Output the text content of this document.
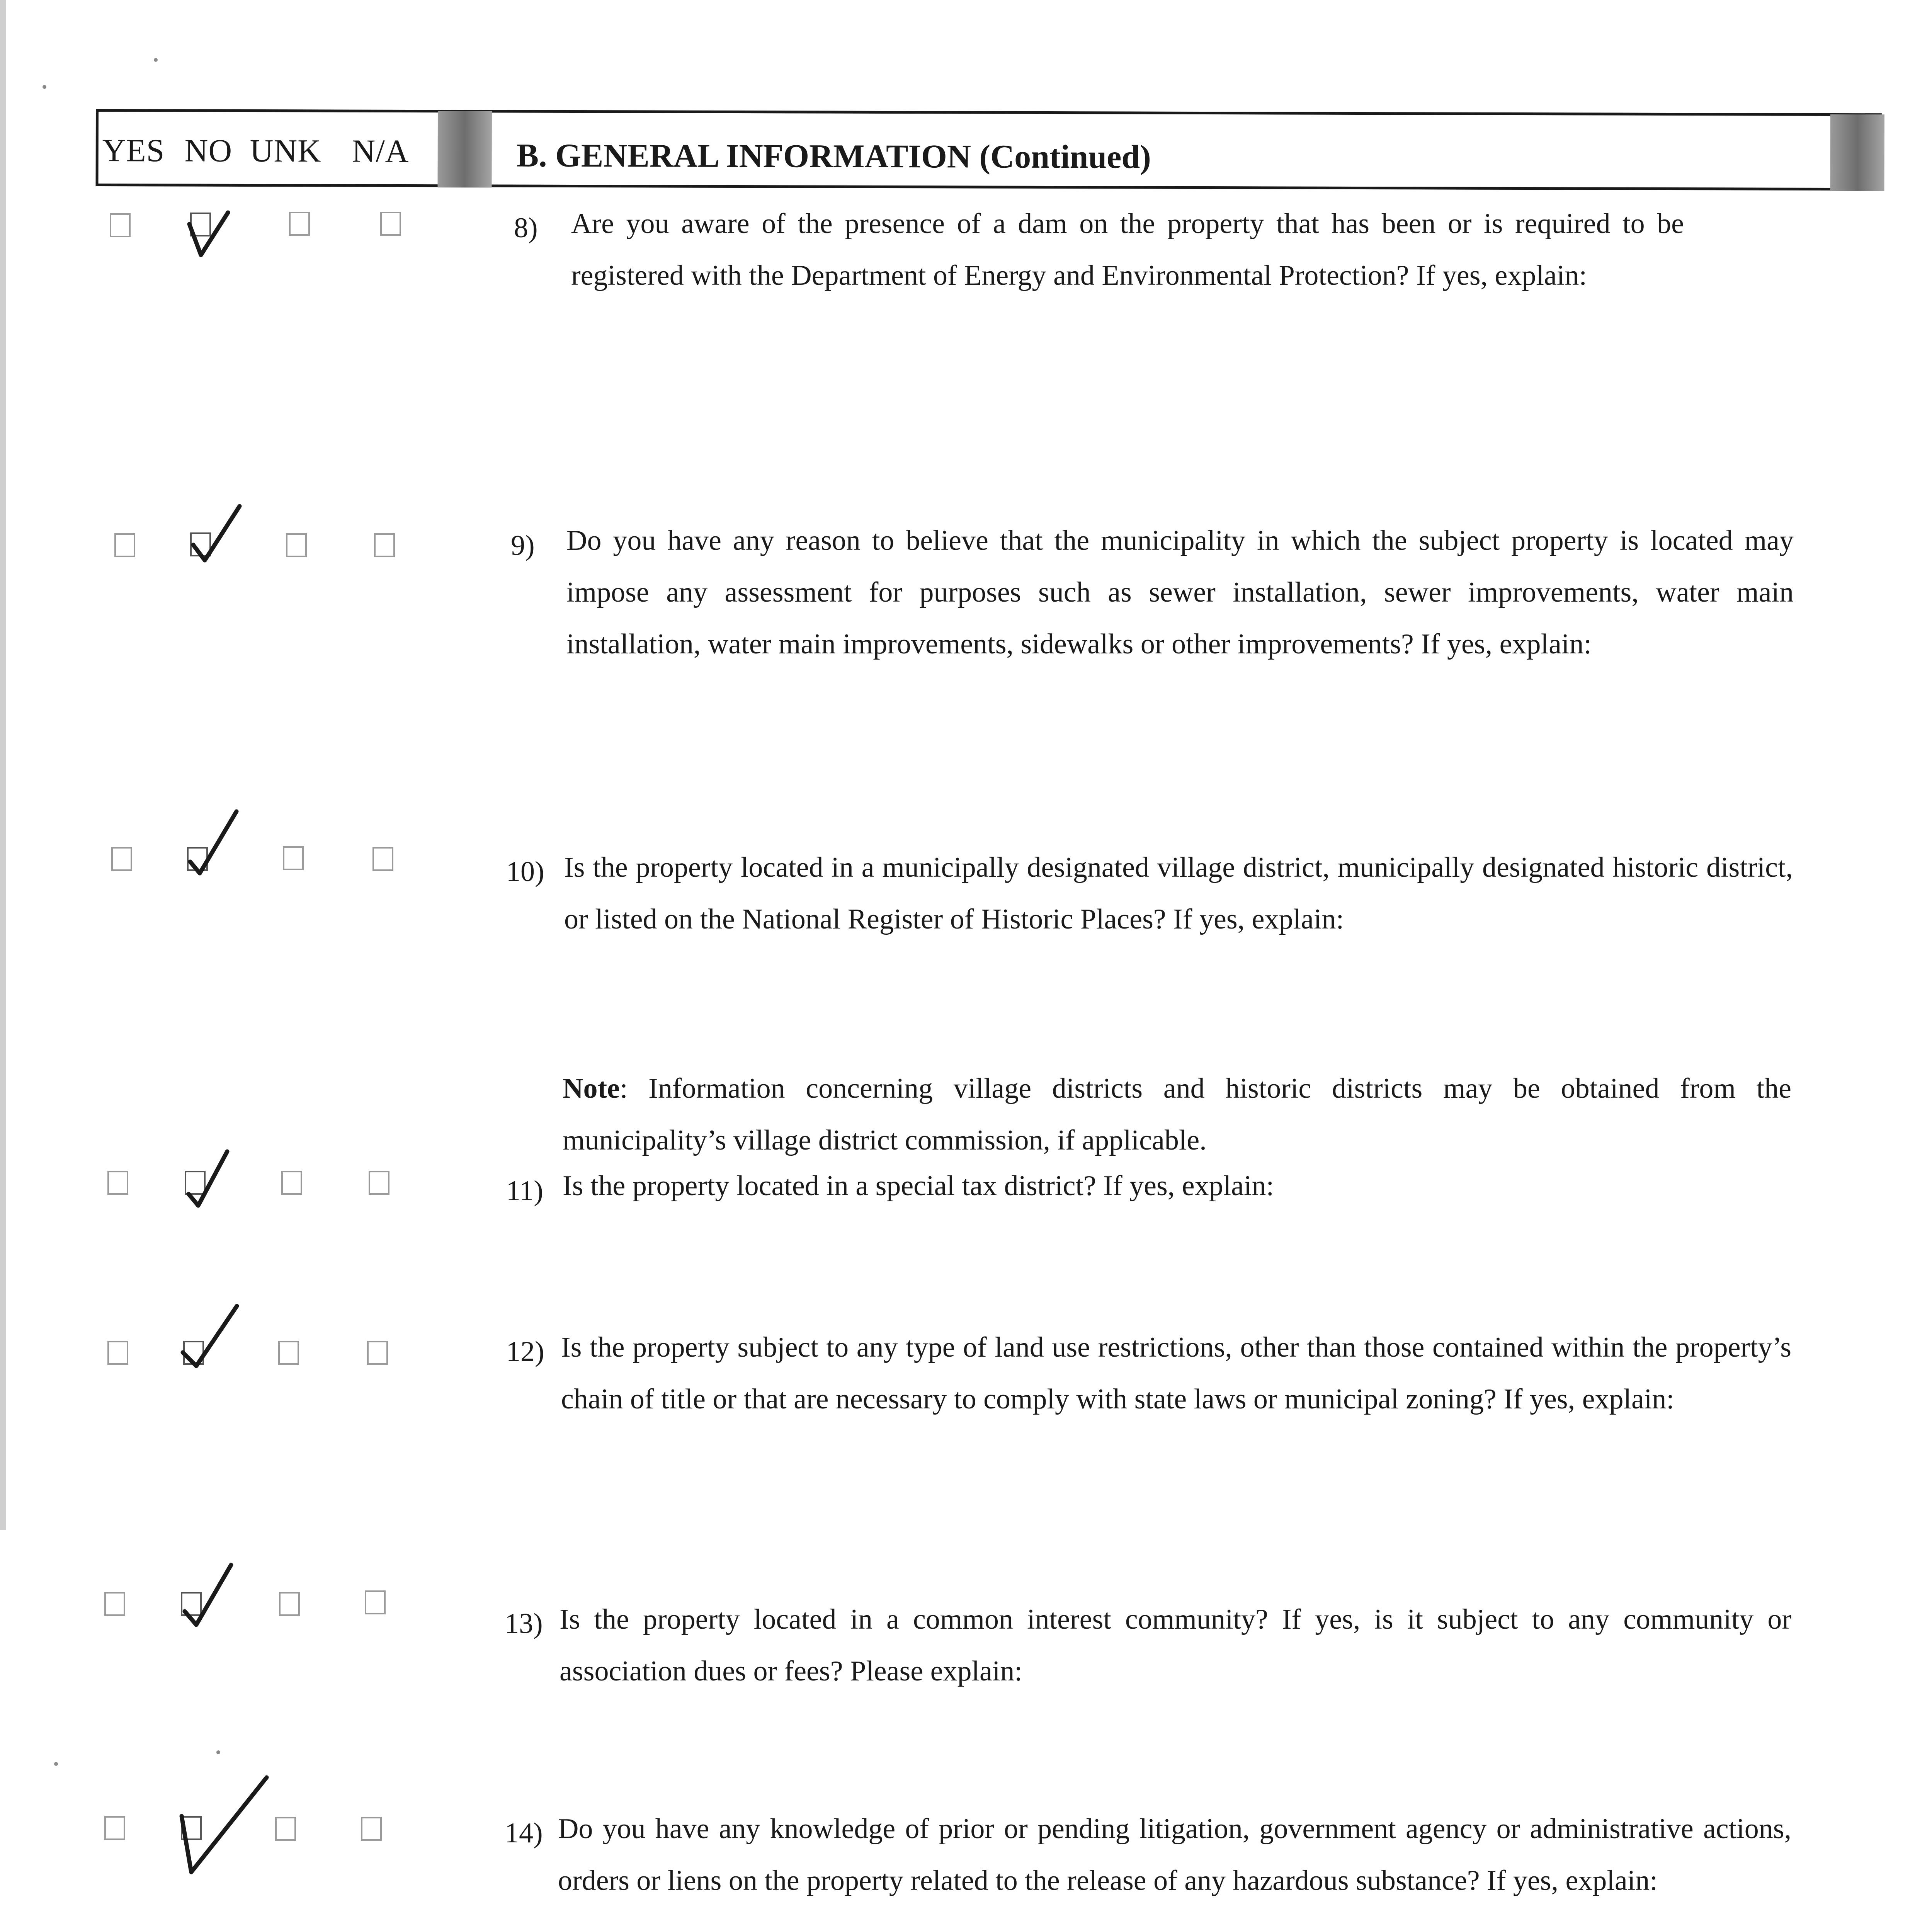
YES NO UNK N/A	B. GENERAL INFORMATION (Continued)
8) Are you aware of the presence of a dam on the property that has been or is required to be registered with the Department of Energy and Environmental Protection? If yes, explain:
9) Do you have any reason to believe that the municipality in which the subject property is located may impose any assessment for purposes such as sewer installation, sewer improvements, water main installation, water main improvements, sidewalks or other improvements? If yes, explain:
10) Is the property located in a municipally designated village district, municipally designated historic district, or listed on the National Register of Historic Places? If yes, explain:
Note: Information concerning village districts and historic districts may be obtained from the municipality’s village district commission, if applicable.
11) Is the property located in a special tax district? If yes, explain:
12) Is the property subject to any type of land use restrictions, other than those contained within the property’s chain of title or that are necessary to comply with state laws or municipal zoning? If yes, explain:
13) Is the property located in a common interest community? If yes, is it subject to any community or association dues or fees? Please explain:
14) Do you have any knowledge of prior or pending litigation, government agency or administrative actions, orders or liens on the property related to the release of any hazardous substance? If yes, explain:
